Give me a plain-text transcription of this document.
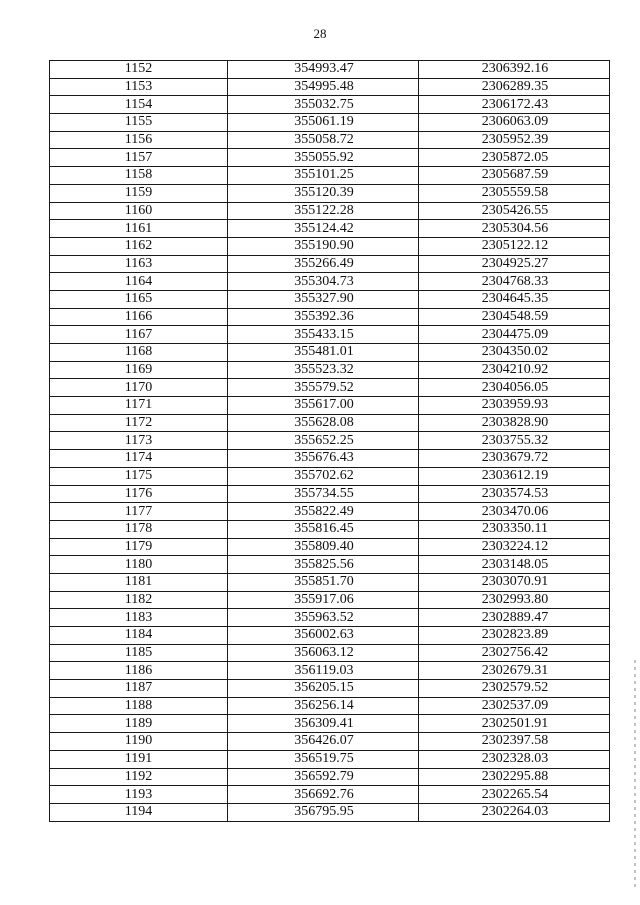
28
1152	354993.47	2306392.16
1153	354995.48	2306289.35
1154	355032.75	2306172.43
1155	355061.19	2306063.09
1156	355058.72	2305952.39
1157	355055.92	2305872.05
1158	355101.25	2305687.59
1159	355120.39	2305559.58
1160	355122.28	2305426.55
1161	355124.42	2305304.56
1162	355190.90	2305122.12
1163	355266.49	2304925.27
1164	355304.73	2304768.33
1165	355327.90	2304645.35
1166	355392.36	2304548.59
1167	355433.15	2304475.09
1168	355481.01	2304350.02
1169	355523.32	2304210.92
1170	355579.52	2304056.05
1171	355617.00	2303959.93
1172	355628.08	2303828.90
1173	355652.25	2303755.32
1174	355676.43	2303679.72
1175	355702.62	2303612.19
1176	355734.55	2303574.53
1177	355822.49	2303470.06
1178	355816.45	2303350.11
1179	355809.40	2303224.12
1180	355825.56	2303148.05
1181	355851.70	2303070.91
1182	355917.06	2302993.80
1183	355963.52	2302889.47
1184	356002.63	2302823.89
1185	356063.12	2302756.42
1186	356119.03	2302679.31
1187	356205.15	2302579.52
1188	356256.14	2302537.09
1189	356309.41	2302501.91
1190	356426.07	2302397.58
1191	356519.75	2302328.03
1192	356592.79	2302295.88
1193	356692.76	2302265.54
1194	356795.95	2302264.03
